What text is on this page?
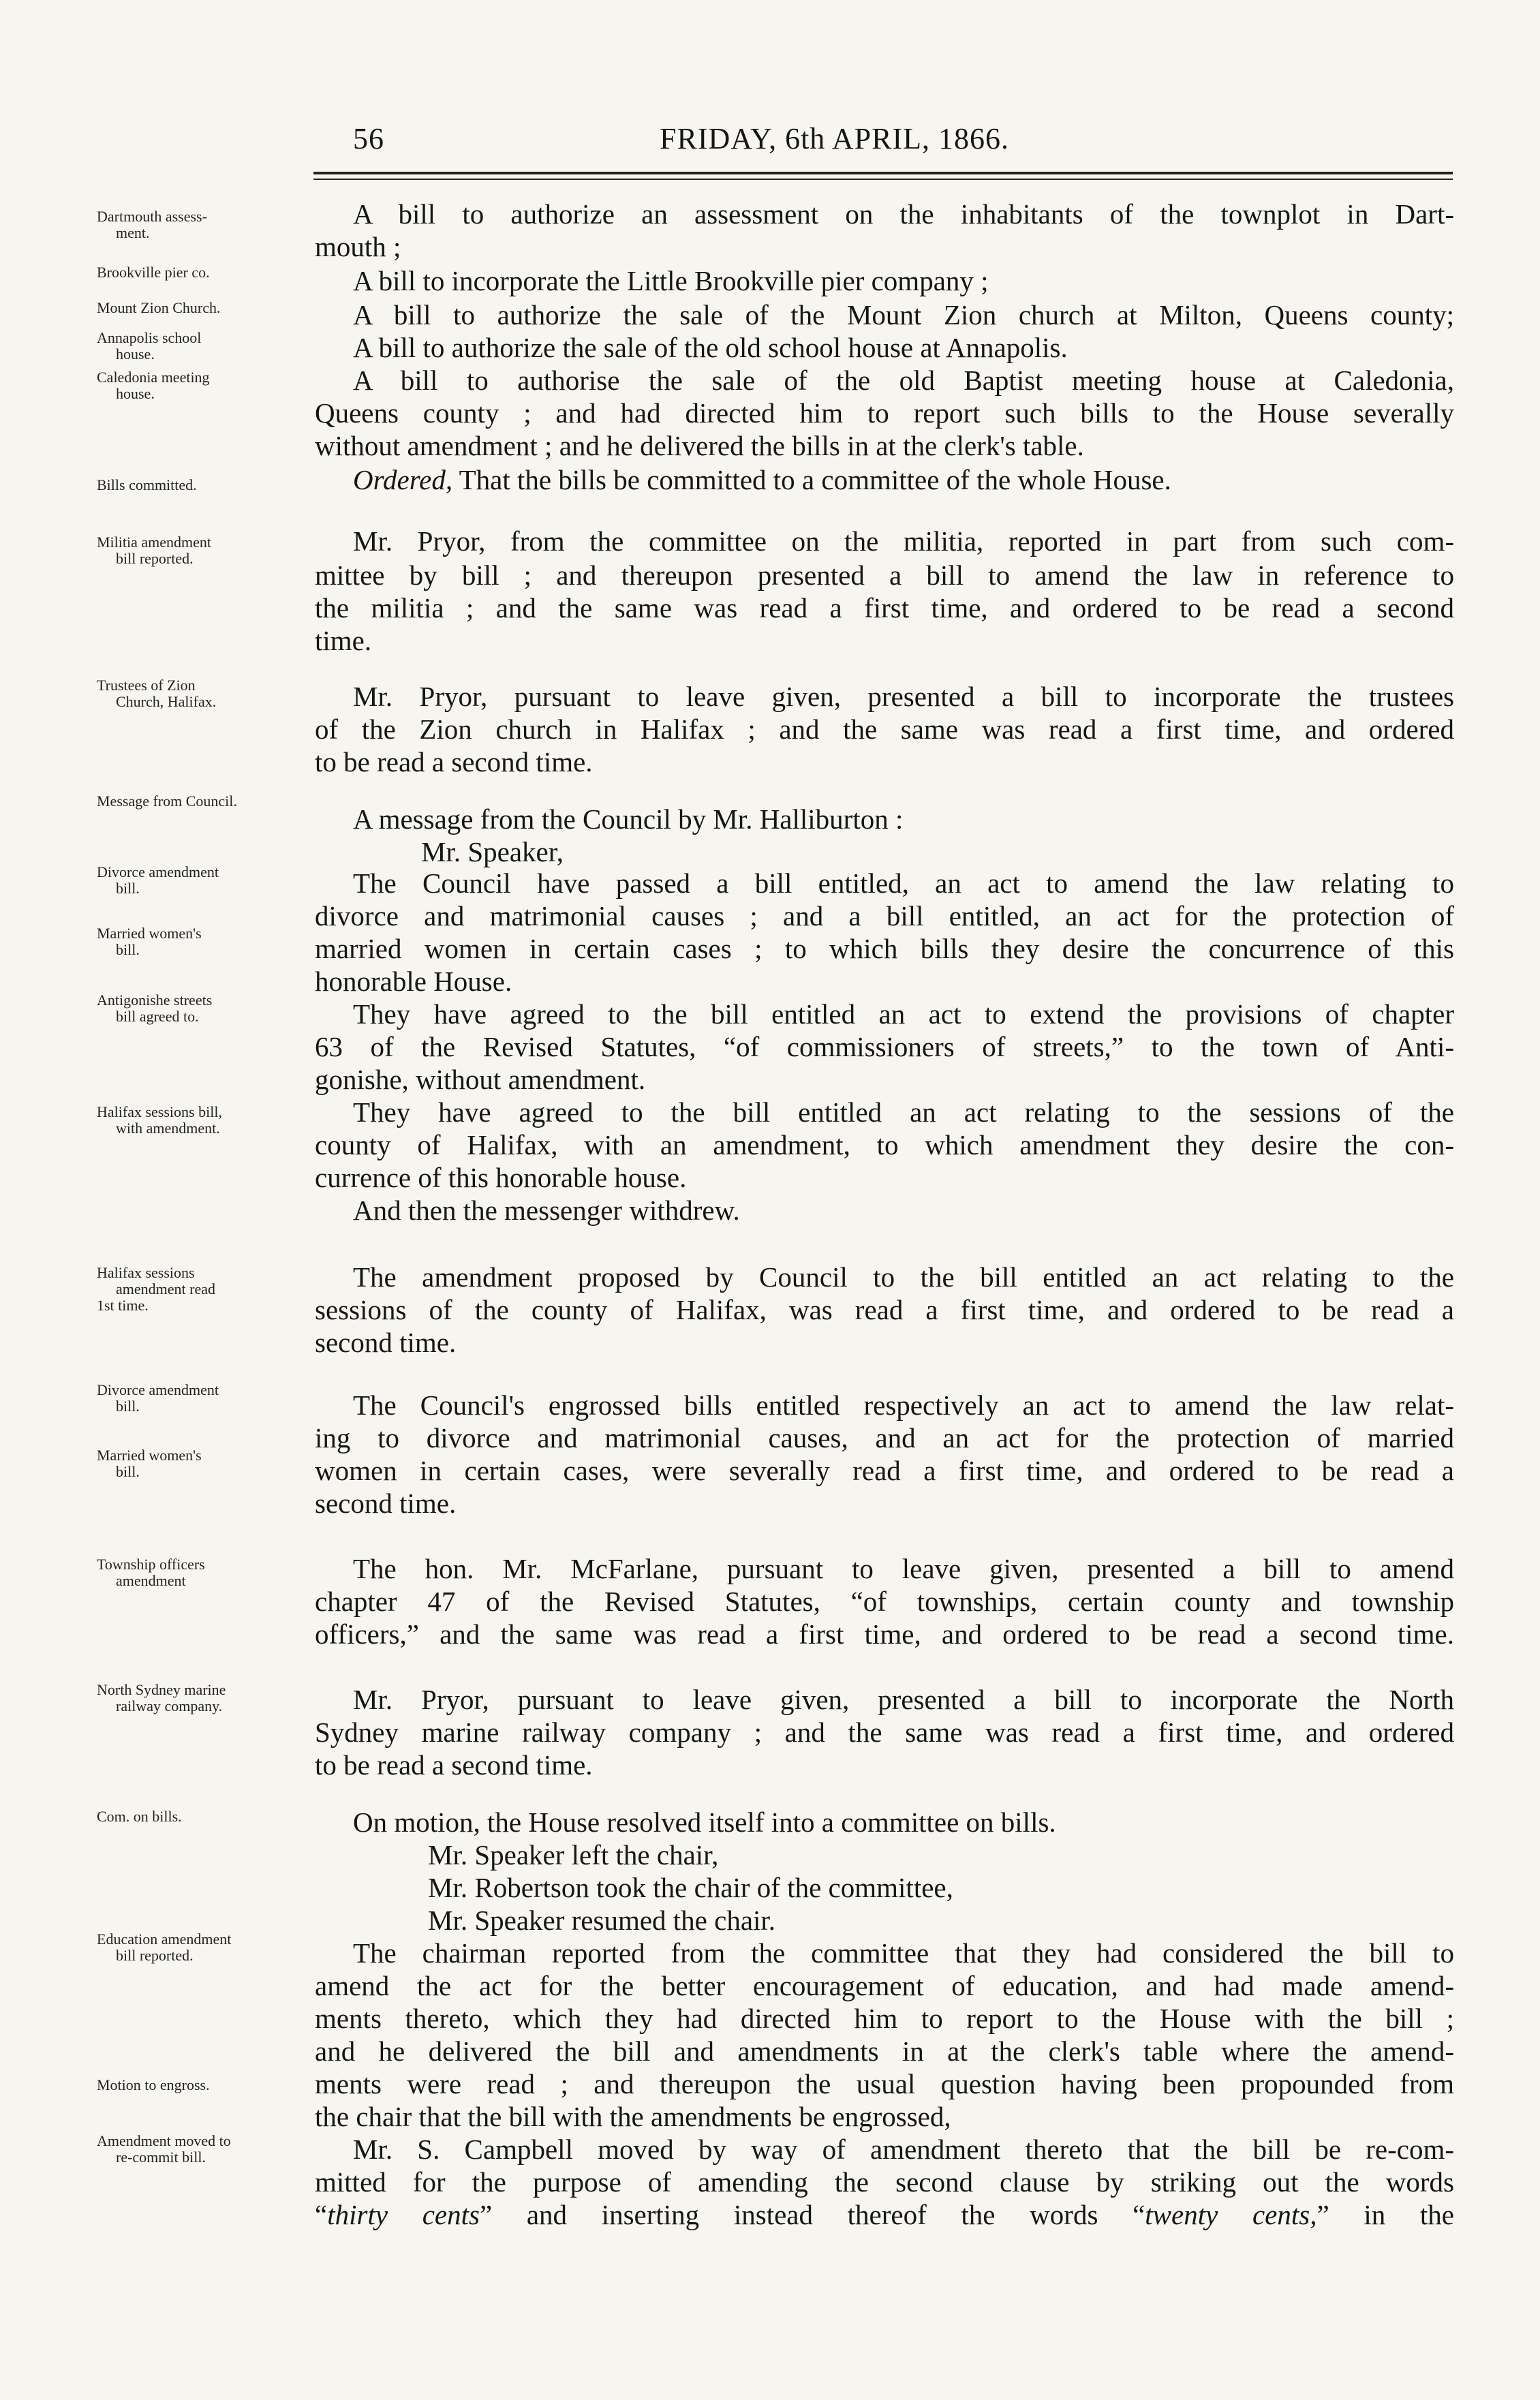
56	FRIDAY, 6th APRIL, 1866.
Dartmouth assess-
ment.
Brookville pier co.
Mount Zion Church.
Annapolis school
house.
Caledonia meeting
house.
Bills committed.
Militia amendment
bill reported.
Trustees of Zion
Church, Halifax.
Message from Council.
Divorce amendment
bill.
Married women's
bill.
Antigonishe streets
bill agreed to.
Halifax sessions bill,
with amendment.
Halifax sessions
amendment read
1st time.
Divorce amendment
bill.
Married women's
bill.
Township officers
amendment
North Sydney marine
railway company.
Com. on bills.
Education amendment
bill reported.
Motion to engross.
Amendment moved to
re-commit bill.
A bill to authorize an assessment on the inhabitants of the townplot in Dart-
mouth ;
A bill to incorporate the Little Brookville pier company ;
A bill to authorize the sale of the Mount Zion church at Milton, Queens county;
A bill to authorize the sale of the old school house at Annapolis.
A bill to authorise the sale of the old Baptist meeting house at Caledonia,
Queens county ; and had directed him to report such bills to the House severally
without amendment ; and he delivered the bills in at the clerk's table.
Ordered, That the bills be committed to a committee of the whole House.
Mr. Pryor, from the committee on the militia, reported in part from such com-
mittee by bill ; and thereupon presented a bill to amend the law in reference to
the militia ; and the same was read a first time, and ordered to be read a second
time.
Mr. Pryor, pursuant to leave given, presented a bill to incorporate the trustees
of the Zion church in Halifax ; and the same was read a first time, and ordered
to be read a second time.
A message from the Council by Mr. Halliburton :
Mr. Speaker,
The Council have passed a bill entitled, an act to amend the law relating to
divorce and matrimonial causes ; and a bill entitled, an act for the protection of
married women in certain cases ; to which bills they desire the concurrence of this
honorable House.
They have agreed to the bill entitled an act to extend the provisions of chapter
63 of the Revised Statutes, “of commissioners of streets,” to the town of Anti-
gonishe, without amendment.
They have agreed to the bill entitled an act relating to the sessions of the
county of Halifax, with an amendment, to which amendment they desire the con-
currence of this honorable house.
And then the messenger withdrew.
The amendment proposed by Council to the bill entitled an act relating to the
sessions of the county of Halifax, was read a first time, and ordered to be read a
second time.
The Council's engrossed bills entitled respectively an act to amend the law relat-
ing to divorce and matrimonial causes, and an act for the protection of married
women in certain cases, were severally read a first time, and ordered to be read a
second time.
The hon. Mr. McFarlane, pursuant to leave given, presented a bill to amend
chapter 47 of the Revised Statutes, “of townships, certain county and township
officers,” and the same was read a first time, and ordered to be read a second time.
Mr. Pryor, pursuant to leave given, presented a bill to incorporate the North
Sydney marine railway company ; and the same was read a first time, and ordered
to be read a second time.
On motion, the House resolved itself into a committee on bills.
Mr. Speaker left the chair,
Mr. Robertson took the chair of the committee,
Mr. Speaker resumed the chair.
The chairman reported from the committee that they had considered the bill to
amend the act for the better encouragement of education, and had made amend-
ments thereto, which they had directed him to report to the House with the bill ;
and he delivered the bill and amendments in at the clerk's table where the amend-
ments were read ; and thereupon the usual question having been propounded from
the chair that the bill with the amendments be engrossed,
Mr. S. Campbell moved by way of amendment thereto that the bill be re-com-
mitted for the purpose of amending the second clause by striking out the words
“thirty cents” and inserting instead thereof the words “twenty cents,” in the
